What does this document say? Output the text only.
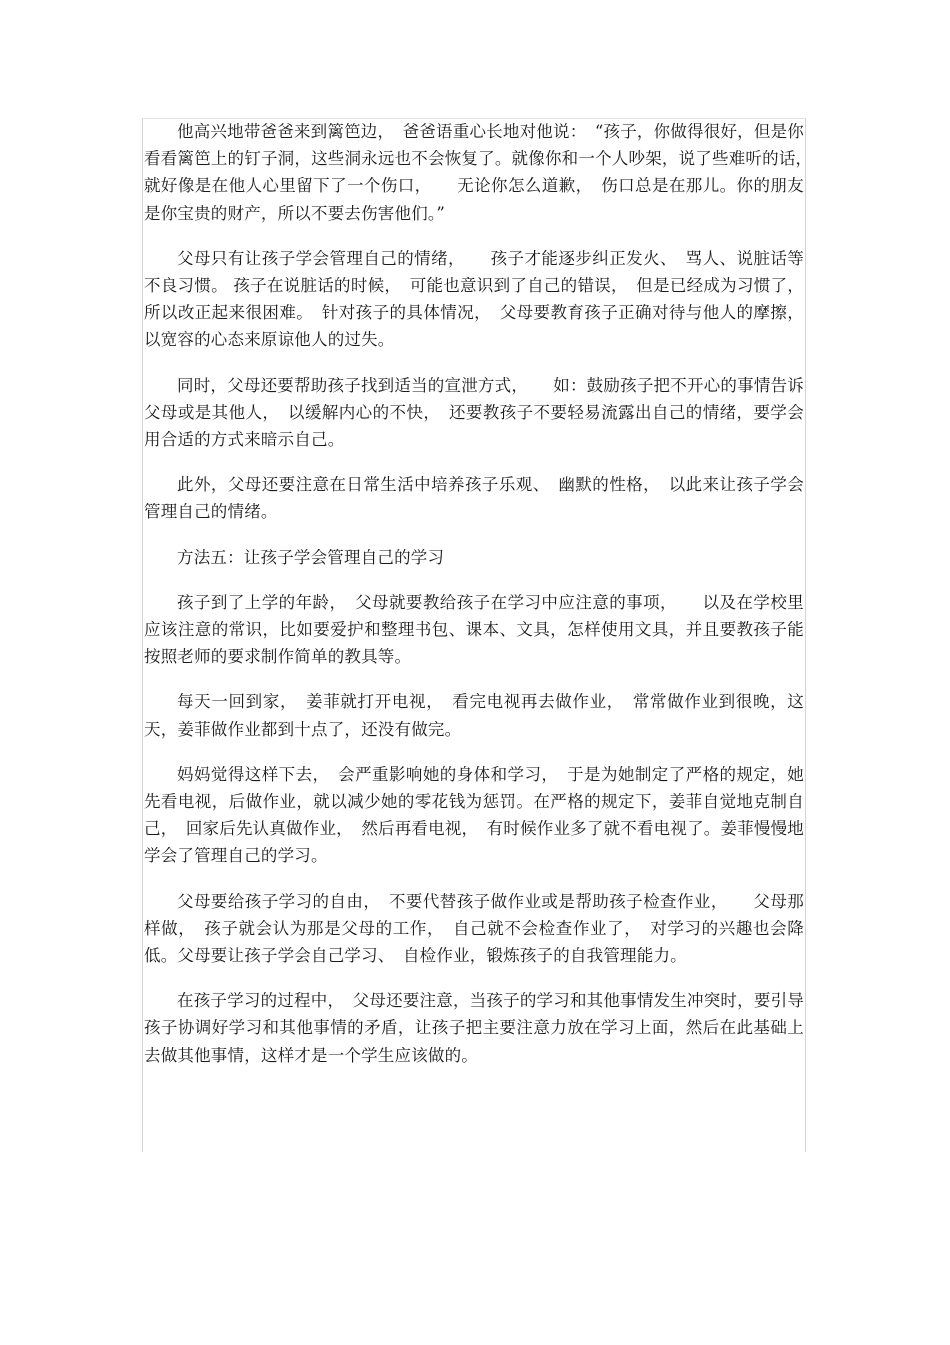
他高兴地带爸爸来到篱笆边，　爸爸语重心长地对他说：　“孩子，你做得很好，但是你看看篱笆上的钉子洞，这些洞永远也不会恢复了。就像你和一个人吵架，说了些难听的话，　就好像是在他人心里留下了一个伤口，　　无论你怎么道歉，　伤口总是在那儿。你的朋友是你宝贵的财产，所以不要去伤害他们。”

父母只有让孩子学会管理自己的情绪，　　孩子才能逐步纠正发火、　骂人、说脏话等不良习惯。 孩子在说脏话的时候，　可能也意识到了自己的错误，　但是已经成为习惯了，所以改正起来很困难。　针对孩子的具体情况，　父母要教育孩子正确对待与他人的摩擦，以宽容的心态来原谅他人的过失。

同时，父母还要帮助孩子找到适当的宣泄方式，　　如：鼓励孩子把不开心的事情告诉父母或是其他人，　以缓解内心的不快，　还要教孩子不要轻易流露出自己的情绪，要学会用合适的方式来暗示自己。

此外，父母还要注意在日常生活中培养孩子乐观、　幽默的性格，　以此来让孩子学会管理自己的情绪。

方法五：让孩子学会管理自己的学习

孩子到了上学的年龄，　父母就要教给孩子在学习中应注意的事项，　　以及在学校里应该注意的常识，比如要爱护和整理书包、课本、文具，怎样使用文具，并且要教孩子能按照老师的要求制作简单的教具等。

每天一回到家，　姜菲就打开电视，　看完电视再去做作业，　常常做作业到很晚，这天，姜菲做作业都到十点了，还没有做完。

妈妈觉得这样下去，　会严重影响她的身体和学习，　于是为她制定了严格的规定，她先看电视，后做作业，就以减少她的零花钱为惩罚。在严格的规定下，姜菲自觉地克制自己，　回家后先认真做作业，　然后再看电视，　有时候作业多了就不看电视了。姜菲慢慢地学会了管理自己的学习。

父母要给孩子学习的自由，　不要代替孩子做作业或是帮助孩子检查作业，　　父母那样做，　孩子就会认为那是父母的工作，　自己就不会检查作业了，　对学习的兴趣也会降低。父母要让孩子学会自己学习、　自检作业，锻炼孩子的自我管理能力。

在孩子学习的过程中，　父母还要注意，当孩子的学习和其他事情发生冲突时，要引导孩子协调好学习和其他事情的矛盾，让孩子把主要注意力放在学习上面，然后在此基础上去做其他事情，这样才是一个学生应该做的。
